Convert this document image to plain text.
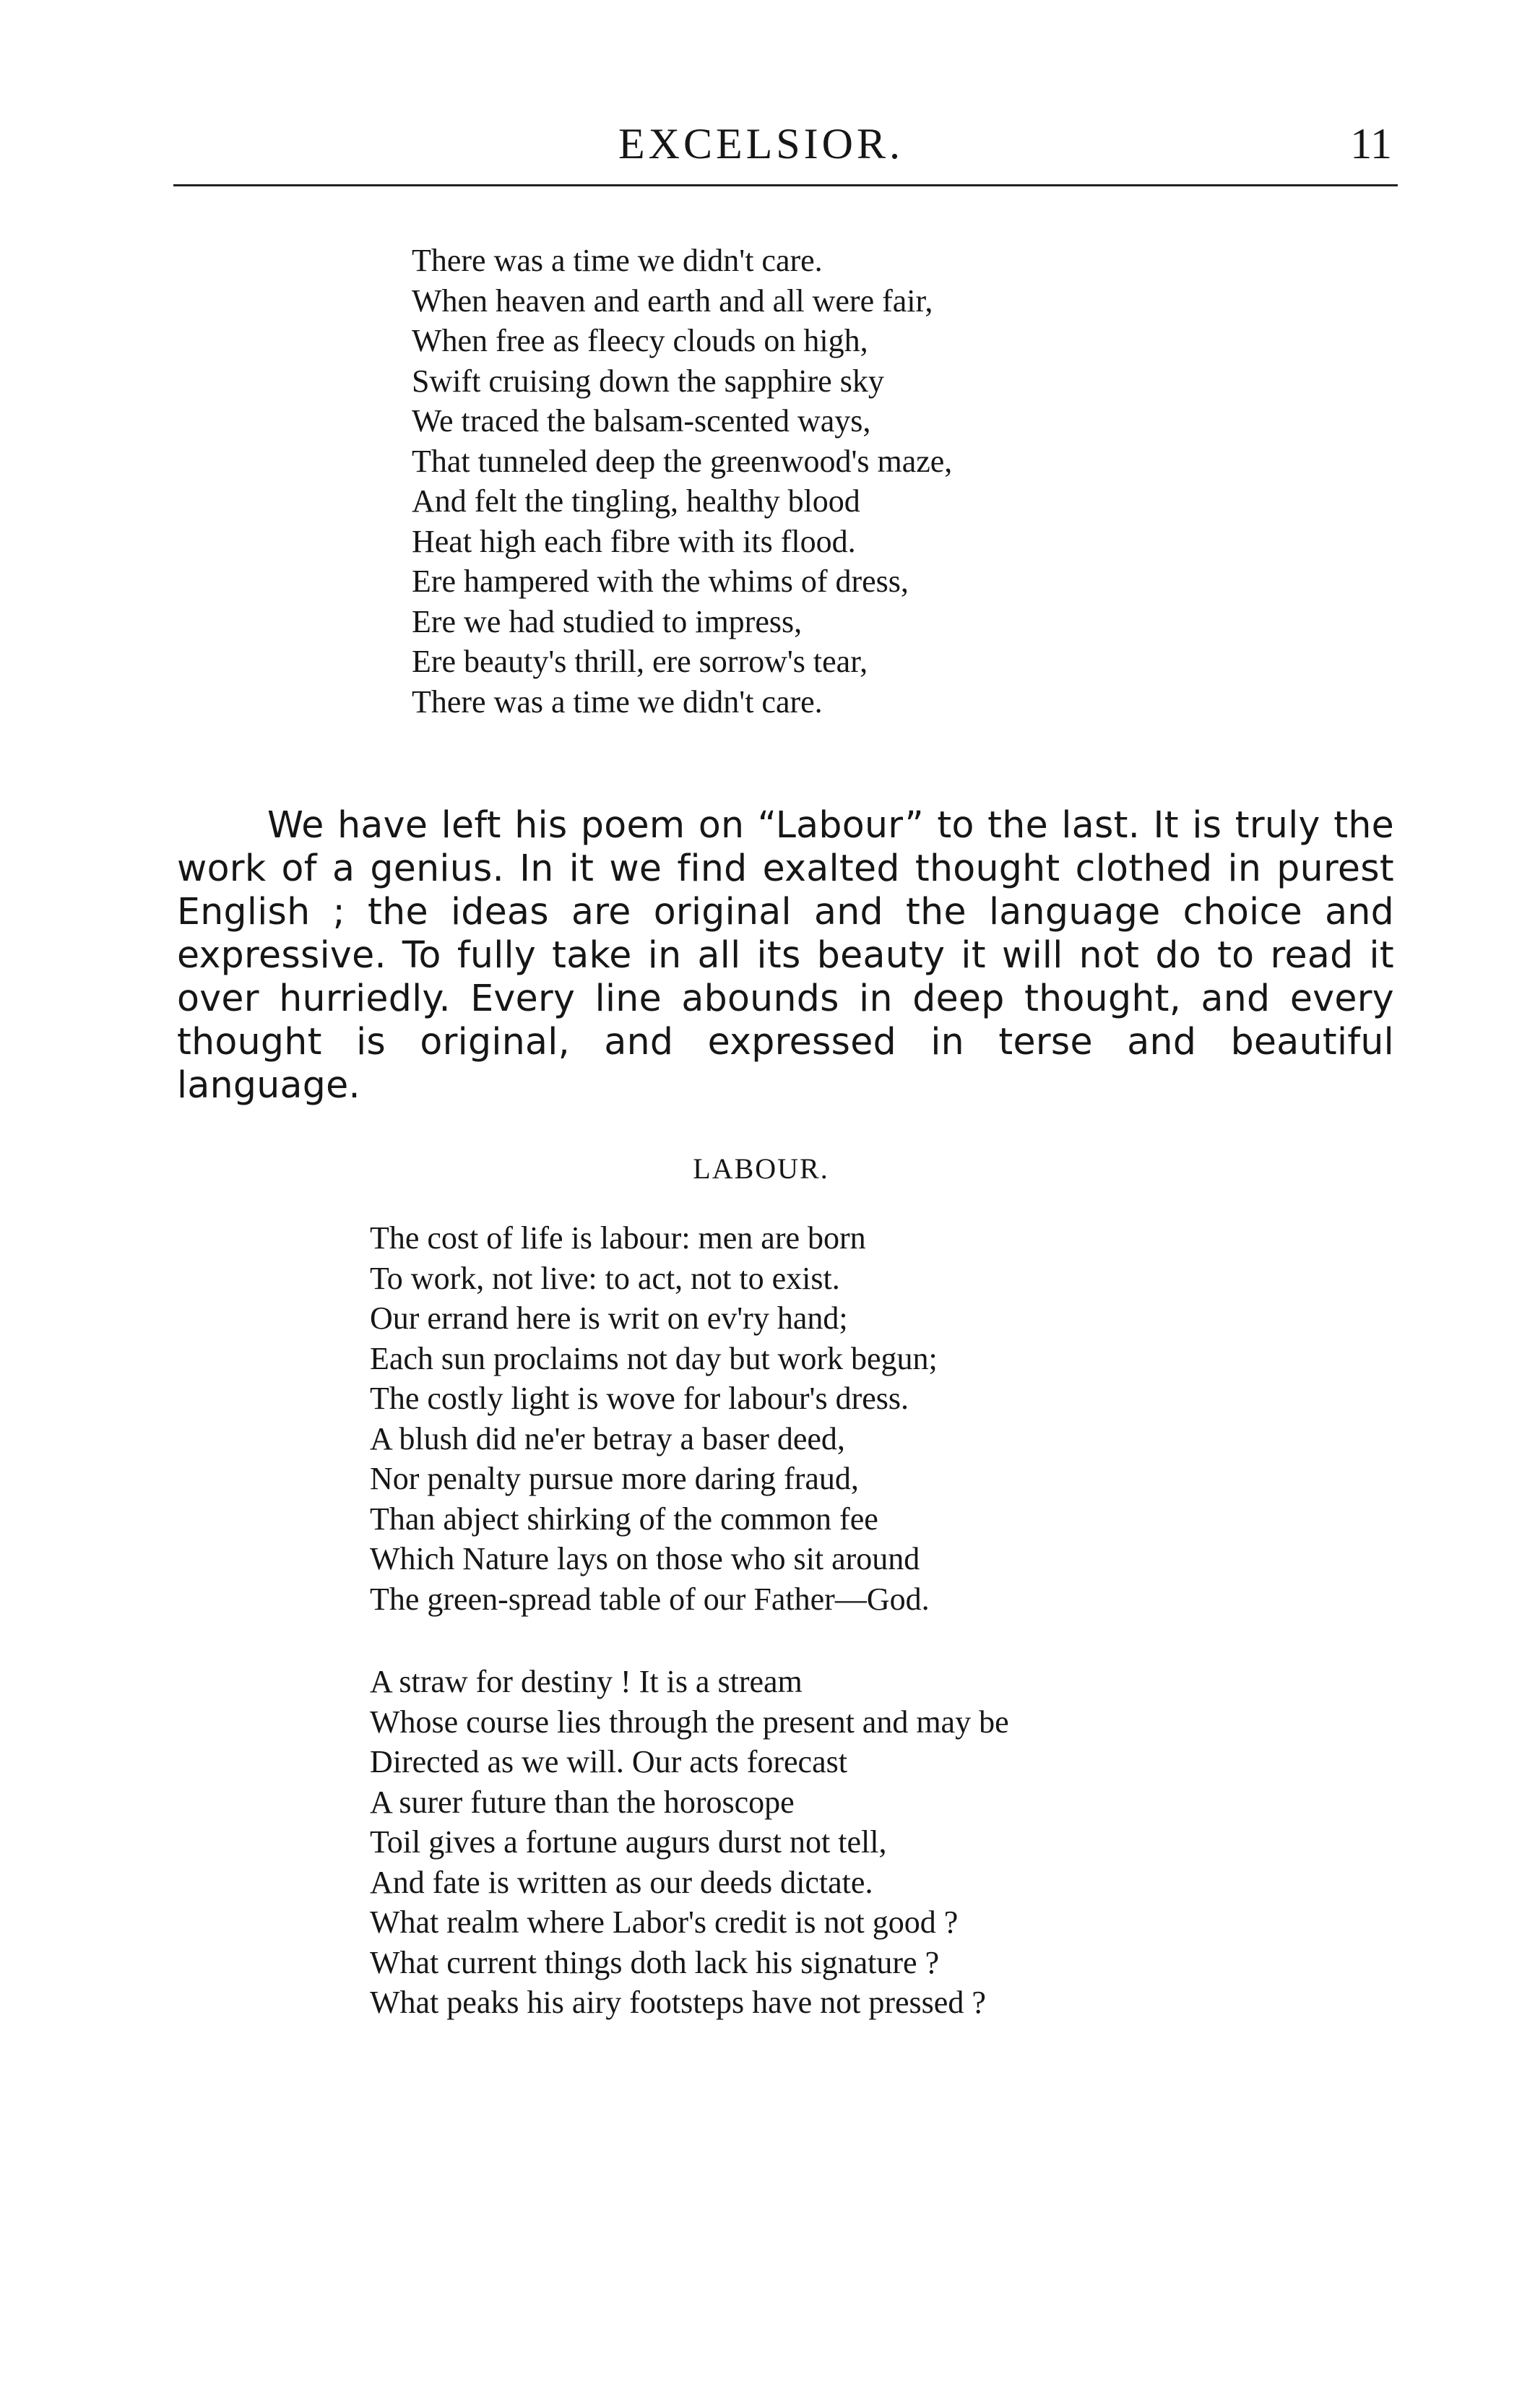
EXCELSIOR.	11
There was a time we didn't care.
When heaven and earth and all were fair,
When free as fleecy clouds on high,
Swift cruising down the sapphire sky
We traced the balsam-scented ways,
That tunneled deep the greenwood's maze,
And felt the tingling, healthy blood
Heat high each fibre with its flood.
Ere hampered with the whims of dress,
Ere we had studied to impress,
Ere beauty's thrill, ere sorrow's tear,
There was a time we didn't care.

We have left his poem on “Labour” to the last. It is truly the work of a genius. In it we find exalted thought clothed in purest English ; the ideas are original and the language choice and expressive. To fully take in all its beauty it will not do to read it over hurriedly. Every line abounds in deep thought, and every thought is original, and expressed in terse and beautiful language.

LABOUR.
The cost of life is labour: men are born
To work, not live: to act, not to exist.
Our errand here is writ on ev'ry hand;
Each sun proclaims not day but work begun;
The costly light is wove for labour's dress.
A blush did ne'er betray a baser deed,
Nor penalty pursue more daring fraud,
Than abject shirking of the common fee
Which Nature lays on those who sit around
The green-spread table of our Father—God.
A straw for destiny ! It is a stream
Whose course lies through the present and may be
Directed as we will. Our acts forecast
A surer future than the horoscope
Toil gives a fortune augurs durst not tell,
And fate is written as our deeds dictate.
What realm where Labor's credit is not good ?
What current things doth lack his signature ?
What peaks his airy footsteps have not pressed ?
